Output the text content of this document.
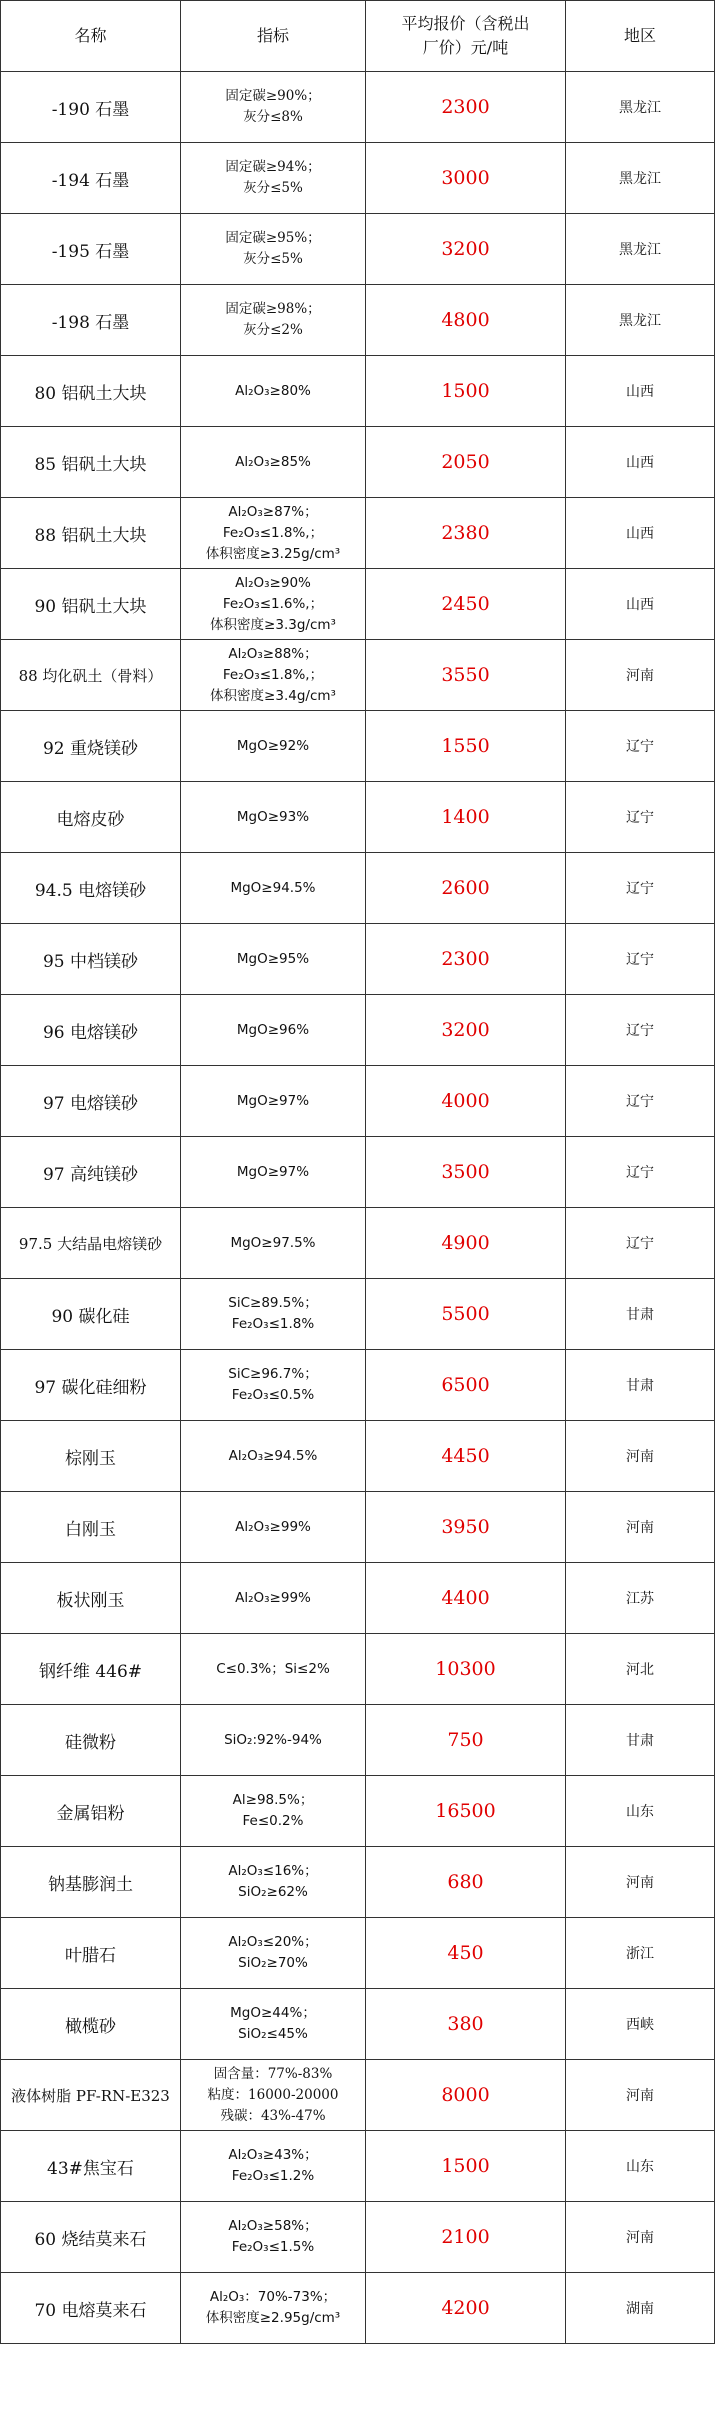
名称	指标	平均报价（含税出
厂价）元/吨	地区
-190 石墨	固定碳≥90%；
灰分≤8%	2300	黑龙江
-194 石墨	固定碳≥94%；
灰分≤5%	3000	黑龙江
-195 石墨	固定碳≥95%；
灰分≤5%	3200	黑龙江
-198 石墨	固定碳≥98%；
灰分≤2%	4800	黑龙江
80 铝矾土大块	Al₂O₃≥80%	1500	山西
85 铝矾土大块	Al₂O₃≥85%	2050	山西
88 铝矾土大块	Al₂O₃≥87%；
Fe₂O₃≤1.8%,；
体积密度≥3.25g/cm³	2380	山西
90 铝矾土大块	Al₂O₃≥90%
Fe₂O₃≤1.6%,；
体积密度≥3.3g/cm³	2450	山西
88 均化矾土（骨料）	Al₂O₃≥88%；
Fe₂O₃≤1.8%,；
体积密度≥3.4g/cm³	3550	河南
92 重烧镁砂	MgO≥92%	1550	辽宁
电熔皮砂	MgO≥93%	1400	辽宁
94.5 电熔镁砂	MgO≥94.5%	2600	辽宁
95 中档镁砂	MgO≥95%	2300	辽宁
96 电熔镁砂	MgO≥96%	3200	辽宁
97 电熔镁砂	MgO≥97%	4000	辽宁
97 高纯镁砂	MgO≥97%	3500	辽宁
97.5 大结晶电熔镁砂	MgO≥97.5%	4900	辽宁
90 碳化硅	SiC≥89.5%；
Fe₂O₃≤1.8%	5500	甘肃
97 碳化硅细粉	SiC≥96.7%；
Fe₂O₃≤0.5%	6500	甘肃
棕刚玉	Al₂O₃≥94.5%	4450	河南
白刚玉	Al₂O₃≥99%	3950	河南
板状刚玉	Al₂O₃≥99%	4400	江苏
钢纤维 446#	C≤0.3%；Si≤2%	10300	河北
硅微粉	SiO₂:92%-94%	750	甘肃
金属铝粉	Al≥98.5%；
Fe≤0.2%	16500	山东
钠基膨润土	Al₂O₃≤16%；
SiO₂≥62%	680	河南
叶腊石	Al₂O₃≤20%；
SiO₂≥70%	450	浙江
橄榄砂	MgO≥44%；
SiO₂≤45%	380	西峡
液体树脂 PF-RN-E323	固含量：77%-83%
粘度：16000-20000
残碳：43%-47%	8000	河南
43#焦宝石	Al₂O₃≥43%；
Fe₂O₃≤1.2%	1500	山东
60 烧结莫来石	Al₂O₃≥58%；
Fe₂O₃≤1.5%	2100	河南
70 电熔莫来石	Al₂O₃：70%-73%；
体积密度≥2.95g/cm³	4200	湖南
